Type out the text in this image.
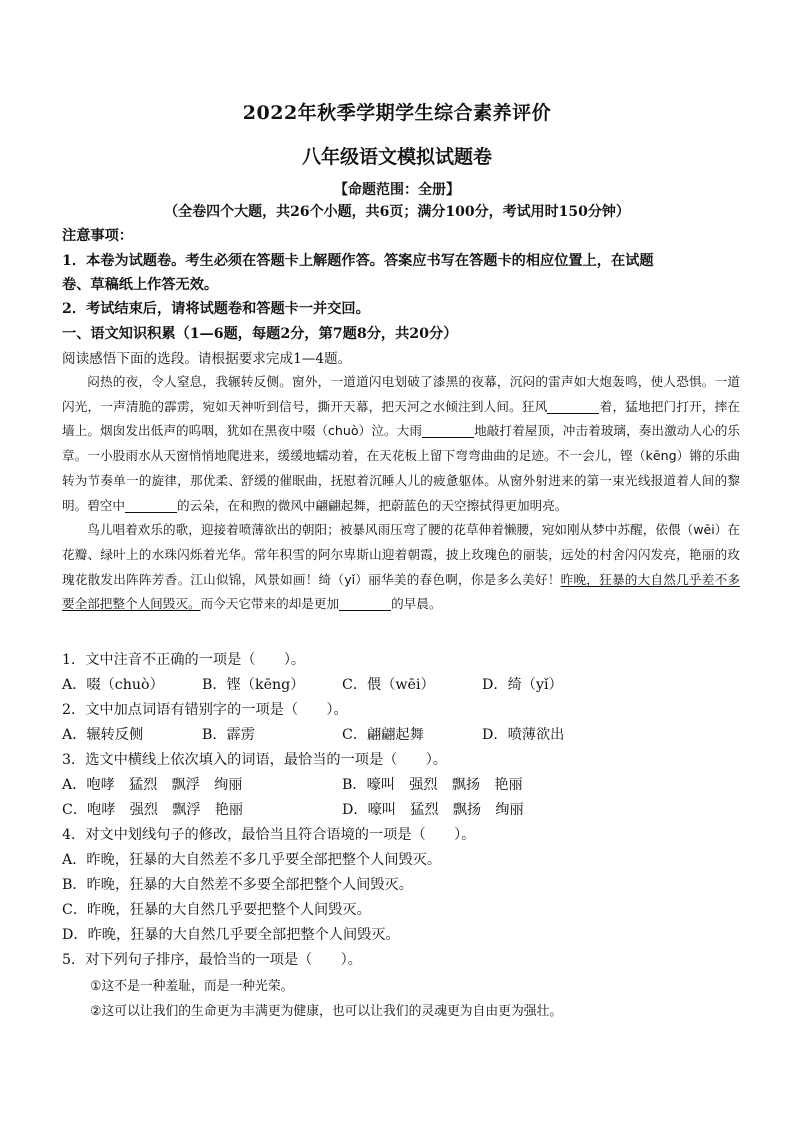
2022年秋季学期学生综合素养评价
八年级语文模拟试题卷
【命题范围：全册】
（全卷四个大题，共26个小题，共6页；满分100分，考试用时150分钟）
注意事项：
1．本卷为试题卷。考生必须在答题卡上解题作答。答案应书写在答题卡的相应位置上，在试题
卷、草稿纸上作答无效。
2．考试结束后，请将试题卷和答题卡一并交回。
一、语文知识积累（1—6题，每题2分，第7题8分，共20分）
阅读感悟下面的选段。请根据要求完成1—4题。

闷热的夜，令人窒息，我辗转反侧。窗外，一道道闪电划破了漆黑的夜幕，沉闷的雷声如大炮轰鸣，使人恐惧。一道闪光，一声清脆的霹雳，宛如天神听到信号，撕开天幕，把天河之水倾注到人间。狂风	着，猛地把门打开，摔在墙上。烟囱发出低声的呜咽，犹如在黑夜中啜（chuò）泣。大雨	地敲打着屋顶，冲击着玻璃，奏出激动人心的乐章。一小股雨水从天窗悄悄地爬进来，缓缓地蠕动着，在天花板上留下弯弯曲曲的足迹。不一会儿，铿（kēng）锵的乐曲转为节奏单一的旋律，那优柔、舒缓的催眠曲，抚慰着沉睡人儿的疲惫躯体。从窗外射进来的第一束光线报道着人间的黎明。碧空中	的云朵，在和煦的微风中翩翩起舞，把蔚蓝色的天空擦拭得更加明亮。

鸟儿唱着欢乐的歌，迎接着喷薄欲出的朝阳；被暴风雨压弯了腰的花草伸着懒腰，宛如刚从梦中苏醒，依偎（wēi）在花瓣、绿叶上的水珠闪烁着光华。常年积雪的阿尔卑斯山迎着朝霞，披上玫瑰色的丽装，远处的村舍闪闪发亮，艳丽的玫瑰花散发出阵阵芳香。江山似锦，风景如画！绮（yǐ）丽华美的春色啊，你是多么美好！昨晚，狂暴的大自然几乎差不多要全部把整个人间毁灭。而今天它带来的却是更加	的早晨。

1．文中注音不正确的一项是（　　）。
A．啜（chuò）	B．铿（kēng）	C．偎（wēi）	D．绮（yǐ）
2．文中加点词语有错别字的一项是（　　）。
A．辗转反侧	B．霹雳	C．翩翩起舞	D．喷薄欲出
3．选文中横线上依次填入的词语，最恰当的一项是（　　）。
A．咆哮　猛烈　飘浮　绚丽	B．嚎叫　强烈　飘扬　艳丽
C．咆哮　强烈　飘浮　艳丽	D．嚎叫　猛烈　飘扬　绚丽
4．对文中划线句子的修改，最恰当且符合语境的一项是（　　）。
A．昨晚，狂暴的大自然差不多几乎要全部把整个人间毁灭。
B．昨晚，狂暴的大自然差不多要全部把整个人间毁灭。
C．昨晚，狂暴的大自然几乎要把整个人间毁灭。
D．昨晚，狂暴的大自然几乎要全部把整个人间毁灭。
5．对下列句子排序，最恰当的一项是（　　）。
①这不是一种羞耻，而是一种光荣。
②这可以让我们的生命更为丰满更为健康，也可以让我们的灵魂更为自由更为强壮。
